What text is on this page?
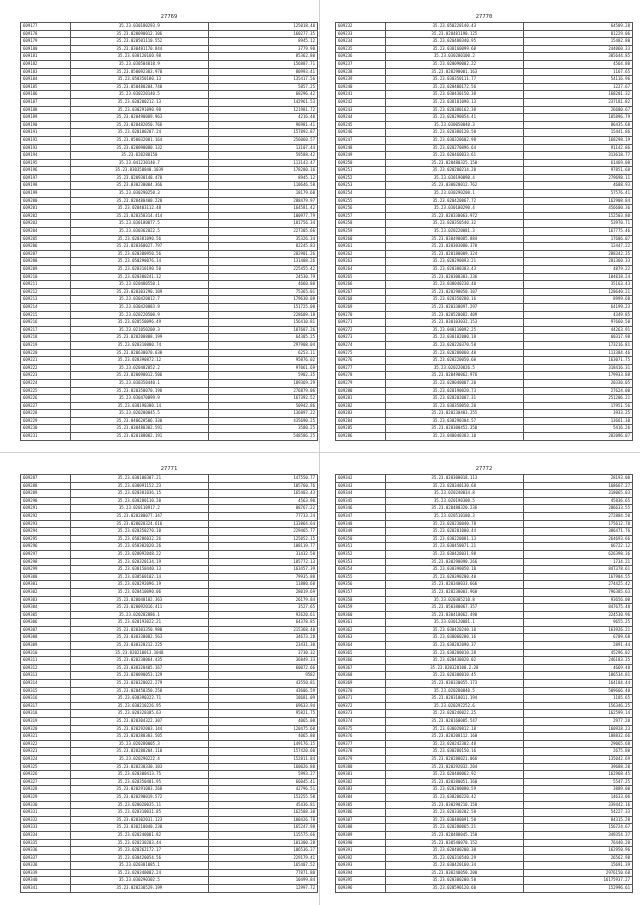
27769
609177	35.23.030180293.9	125018.48
609178	35.23.020090012.106	160277.35
609179	35.23.020501110.552	8945.12
609180	35.23.030481170.844	3779.98
609181	35.23.030120160.98	85362.80
609182	35.23.030504018.9	156887.71
609183	35.23.050092303.970	80993.41
609184	35.23.050350180.13	135417.56
609185	35.23.050480204.740	5857.25
609186	35.23.030220140.5	68296.42
609187	35.23.020200212.13	142961.53
609188	35.23.030291090.98	121981.72
609189	35.23.020490009.963	4216.40
609190	35.23.020482050.766	96981.41
609191	35.23.020180207.24	157892.87
609192	35.23.050032001.164	256060.57
609193	35.23.020090080.132	13107.44
609194	35.23.020280150	59588.42
609195	35.23.041230140.7	113143.47
609196	35.23.030350040.1039	178280.16
609197	35.23.020930148.478	8945.12
609198	35.23.030230004.366	110646.58
609199	35.23.030290250.3	18179.60
609200	35.23.020480400.220	288479.97
609201	35.23.020403112.48	164581.42
609202	35.23.020350314.414	100977.79
609203	35.23.030180077.5	181756.34
609204	35.23.030362022.5	227305.66
609205	35.23.020381090.56	35326.34
609206	35.23.020360027.797	82245.83
609207	35.23.020380950.56	282901.26
609208	35.23.050290076.14	131408.26
609209	35.23.020310190.50	225455.42
609210	35.23.020300241.12	24530.79
609211	35.23.020480550.1	4660.80
609212	35.23.020303290.109	75365.01
609213	35.23.030420012.7	179630.08
609214	35.23.030420083.9	151725.00
609215	35.23.020220500.9	228609.18
609216	35.23.020550096.49	156410.81
609217	35.23.021050200.3	187687.26
609218	35.23.020200808.199	64305.25
609219	35.23.020310800.74	297908.04
609220	35.23.020630070.630	6253.11
609221	35.23.020390872.12	95876.02
609222	35.23.020402052.2	97061.69
609223	35.23.020090012.506	5902.35
609224	35.23.030350440.1	189369.29
609225	35.23.020350070.198	276879.06
609226	35.23.030470099.9	167392.52
609227	35.23.030190300.14	50942.86
609228	35.23.020280045.5	136897.22
609229	35.23.040620506.330	435690.25
609230	35.23.030480302.591	3580.25
609231	35.23.020180082.191	548586.25
27770
609232	35.23.050220140.43	64509.28
609233	35.23.020481190.125	81229.06
609234	35.23.020400340.95	15482.80
609235	35.23.030160099.60	244060.33
609236	35.23.030200100.2	305644.85
609237	35.23.020090002.22	4564.80
609238	35.23.020290001.163	1167.65
609239	35.23.030350111.77	54116.96
609240	35.23.020480172.56	1227.67
609241	35.23.030430150.30	168201.32
609242	35.23.030181090.13	237181.82
609243	35.23.020380162.30	26680.67
609244	35.23.020290054.41	105896.79
609245	35.23.030050040.3	86435.68
609246	35.23.020380120.50	15441.86
609247	35.23.030320602.98	168298.19
609248	35.23.020270096.64	91142.86
609249	35.23.020460033.61	313618.77
609250	35.23.020480325.150	61469.08
609251	35.23.020200214.20	97851.68
609252	35.23.030190090.4	279698.11
609253	35.23.030020012.762	4688.93
609254	35.23.030290200.1	57576.41
609255	35.23.020420067.72	162908.84
609256	35.23.030100290.4	456600.36
609257	35.23.020330063.972	152503.80
609258	35.23.020350540.32	53970.71
609259	35.23.020220081.3	167775.46
609260	35.23.030490085.884	17686.07
609261	35.23.020303080.370	12447.22
609262	35.23.020180009.324	288342.35
609263	35.23.020290093.21	281360.33
609264	35.23.020300303.43	4879.22
609265	35.23.020300303.236	104818.24
609266	35.23.030040230.40	35163.43
609267	35.23.020290050.107	120640.21
609268	35.23.020350280.16	8999.60
609269	35.23.020330097.297	64199.23
609270	35.23.020520082.409	4349.85
609271	35.23.030103032.153	97660.50
609272	35.23.040110092.25	44263.91
609273	35.23.030102000.18	60317.98
609274	35.23.020220370.58	173216.81
609275	35.23.020200060.48	113384.46
609276	35.23.020220050.60	163071.75
609277	35.23.020220026.5	318416.31
609278	35.23.020490062.976	179933.88
609279	35.23.020040007.20	20330.05
609280	35.23.020190020.73	27624.00
609281	35.23.020202087.31	251206.21
609282	35.23.030350050.20	17951.56
609283	35.23.020230403.255	3933.25
609284	35.23.030290304.57	13661.30
609285	35.23.020300452.350	5416.26
609286	35.23.040040383.10	282096.07
27771
609287	35.23.030100307.21	147550.77
609288	35.23.030091152.23	105760.76
609289	35.23.020381036.15	165403.43
609290	35.23.030280110.20	4563.90
609291	35.23.020110917.2	88767.22
609292	35.23.020280077.347	77733.24
609293	35.23.020020324.616	133864.64
609294	35.23.020350270.10	229465.77
609295	35.23.050286032.26	125052.15
609296	35.23.050302020.26	108119.77
609297	35.23.020092048.22	31432.50
609298	35.23.020320134.19	185772.13
609299	35.23.030150440.13	163457.39
609300	35.23.030560102.14	79935.80
609301	35.23.020292096.19	11880.68
609302	35.23.020410090.06	28019.69
609303	35.23.020040102.363	26179.84
609304	35.23.020092016.411	3527.65
609305	35.23.020282086.1	92620.61
609306	35.23.020193022.21	64378.85
609307	35.23.020303350.980	215368.40
609308	35.23.030330002.563	34673.20
609309	35.23.030320212.225	23431.30
609310	35.23.020210013.1048	3730.32
609311	35.23.020230064.435	36849.33
609312	35.23.030320405.167	60072.66
609313	35.23.020090053.129	9582
609314	35.23.020320022.279	43550.81
609315	35.23.020450350.258	43606.59
609316	35.23.030390322.71	18681.09
609317	35.23.030210226.95	69633.94
609318	35.23.020320305.63	95821.75
609319	35.23.020304322.307	4065.00
609320	35.23.020292003.144	120475.60
609321	35.23.020280303.505	4065.80
609322	35.23.020280005.3	149176.15
609323	35.23.020280204.110	157420.60
609324	35.23.020290222.4	152811.84
609325	35.23.020230330.103	160026.80
609326	35.23.020300413.75	5993.27
609327	35.23.020350401.95	66045.41
609328	35.23.020291003.268	42796.51
609329	35.23.020290019.572	153255.58
609330	35.23.020020035.11	45436.81
609331	35.23.020310031.85	162588.30
609332	35.23.020302031.123	100426.78
609333	35.23.030210040.230	165247.98
609334	35.23.020240001.82	115575.66
609335	35.23.020230203.44	101300.28
609336	35.23.020262172.17	106536.27
609337	35.23.030420054.56	229179.41
609338	35.23.020301085.1	165407.52
609339	35.23.020340002.24	77871.80
609340	35.23.030290302.5	10499.84
609341	35.23.020230529.199	12997.72
27772
609342	35.23.020300018.113	28193.00
609343	35.23.020340130.68	168667.27
609344	35.23.020240034.8	318065.03
609345	35.23.020190300.5	45836.65
609346	35.23.020480320.236	286633.55
609347	35.23.020510180.3	272884.50
609348	35.23.020230040.78	175612.78
609349	35.23.020201000.44	386471.76
609350	35.23.030220081.13	264693.66
609351	35.23.030450071.21	66722.12
609352	35.23.030420031.98	626398.36
609353	35.23.030290090.266	1734.21
609354	35.23.030390050.10	847378.61
609355	35.23.020390200.40	167904.55
609356	35.23.020340033.666	274425.42
609357	35.23.020230003.960	796385.63
609358	35.23.020305210.8	93656.00
609359	35.23.050380067.357	847675.48
609360	35.23.030410062.490	324530.96
609361	35.23.030120081.1	9655.25
609362	35.23.030420240.10	163926.21
609363	35.23.030060280.16	6709.68
609364	35.23.030282090.37	2891.44
609365	35.23.030200010.28	45296.02
609366	35.23.020430020.02	246183.35
609367	35.23.020320100.2.28	4669.48
609368	35.23.020300010.45	186534.81
609369	35.23.030330055.173	164184.44
609370	35.23.020280040.5	509666.48
609371	35.23.020310011.194	1185.65
609372	35.23.020292252.6	156346.25
609373	35.23.020240022.25	162599.14
609374	35.23.020160005.547	2977.28
609375	35.23.030020012.18	160928.23
609376	35.23.020200112.160	188832.66
609377	35.23.020242302.48	29065.68
609378	35.23.030280150.16	2675.80
609379	35.23.020280021.066	135042.69
609380	35.23.020292032.204	39688.20
609381	35.23.020400062.92	162968.45
609382	35.23.020280051.160	5547.25
609383	35.23.020200080.59	3889.00
609384	35.23.030200220.42	14633.06
609385	35.23.030290210.158	339442.16
609386	35.23.020330202.58	54227.33
609387	35.23.030480091.50	84315.28
609388	35.23.020280065.21	156724.67
609389	35.23.020480045.150	349354.37
609390	35.23.030540070.152	76440.20
609391	35.23.020480200.30	162950.96
609392	35.23.020310540.29	26562.98
609393	35.23.030420160.34	15691.39
609394	35.23.030240050.200	2976150.68
609395	35.23.020380200.50	16175937.27
609396	35.23.020590120.60	152996.61
